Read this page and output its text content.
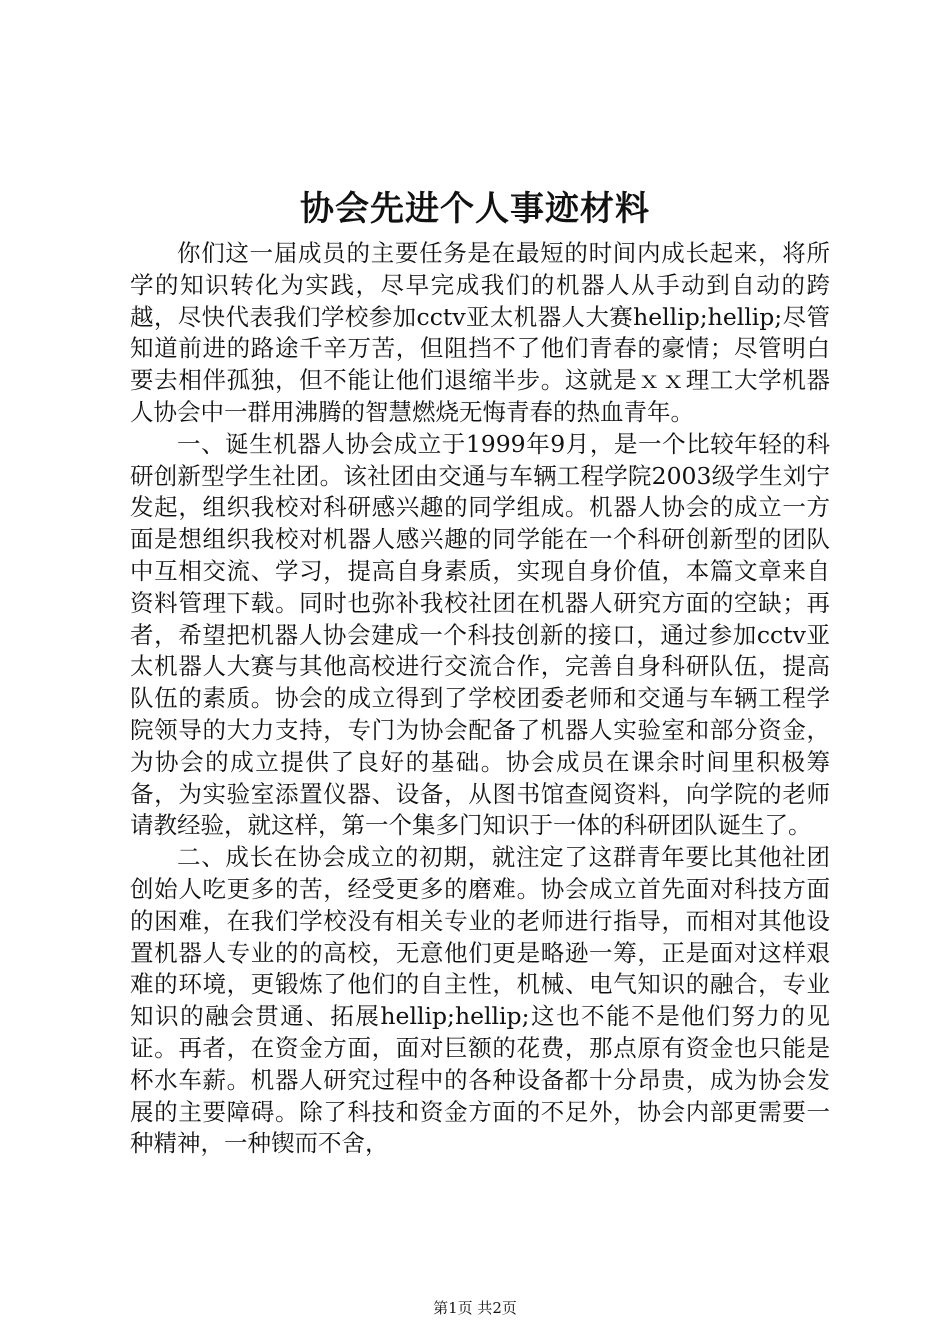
协会先进个人事迹材料

你们这一届成员的主要任务是在最短的时间内成长起来，将所学的知识转化为实践，尽早完成我们的机器人从手动到自动的跨越，尽快代表我们学校参加cctv亚太机器人大赛hellip;hellip;尽管知道前进的路途千辛万苦，但阻挡不了他们青春的豪情；尽管明白要去相伴孤独，但不能让他们退缩半步。这就是ｘｘ理工大学机器人协会中一群用沸腾的智慧燃烧无悔青春的热血青年。

一、诞生机器人协会成立于1999年9月，是一个比较年轻的科研创新型学生社团。该社团由交通与车辆工程学院2003级学生刘宁发起，组织我校对科研感兴趣的同学组成。机器人协会的成立一方面是想组织我校对机器人感兴趣的同学能在一个科研创新型的团队中互相交流、学习，提高自身素质，实现自身价值，本篇文章来自资料管理下载。同时也弥补我校社团在机器人研究方面的空缺；再者，希望把机器人协会建成一个科技创新的接口，通过参加cctv亚太机器人大赛与其他高校进行交流合作，完善自身科研队伍，提高队伍的素质。协会的成立得到了学校团委老师和交通与车辆工程学院领导的大力支持，专门为协会配备了机器人实验室和部分资金，为协会的成立提供了良好的基础。协会成员在课余时间里积极筹备，为实验室添置仪器、设备，从图书馆查阅资料，向学院的老师请教经验，就这样，第一个集多门知识于一体的科研团队诞生了。

二、成长在协会成立的初期，就注定了这群青年要比其他社团创始人吃更多的苦，经受更多的磨难。协会成立首先面对科技方面的困难，在我们学校没有相关专业的老师进行指导，而相对其他设置机器人专业的的高校，无意他们更是略逊一筹，正是面对这样艰难的环境，更锻炼了他们的自主性，机械、电气知识的融合，专业知识的融会贯通、拓展hellip;hellip;这也不能不是他们努力的见证。再者，在资金方面，面对巨额的花费，那点原有资金也只能是杯水车薪。机器人研究过程中的各种设备都十分昂贵，成为协会发展的主要障碍。除了科技和资金方面的不足外，协会内部更需要一种精神，一种锲而不舍，

第1页 共2页
